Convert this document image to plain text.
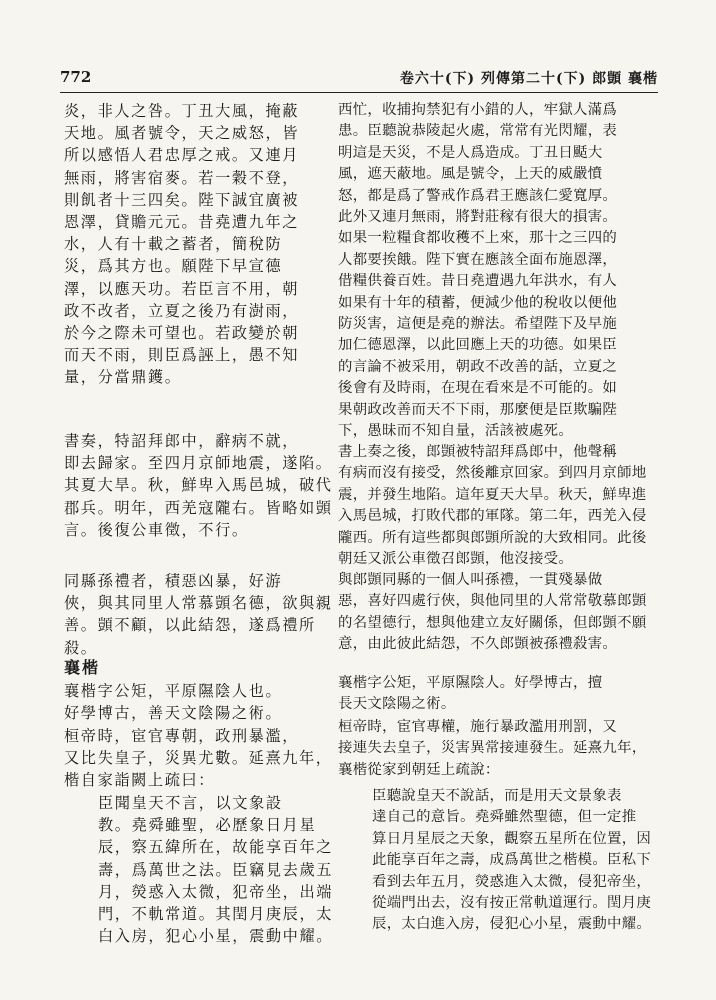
772	卷六十(下) 列傳第二十(下) 郎顗 襄楷
炎，非人之咎。丁丑大風，掩蔽
天地。風者號令，天之威怒，皆
所以感悟人君忠厚之戒。又連月
無雨，將害宿麥。若一穀不登，
則飢者十三四矣。陛下誠宜廣被
恩澤，貸贍元元。昔堯遭九年之
水，人有十載之蓄者，簡稅防
災，爲其方也。願陛下早宣德
澤，以應天功。若臣言不用，朝
政不改者，立夏之後乃有澍雨，
於今之際未可望也。若政變於朝
而天不雨，則臣爲誣上，愚不知
量，分當鼎鑊。
書奏，特詔拜郎中，辭病不就，
即去歸家。至四月京師地震，遂陷。
其夏大旱。秋，鮮卑入馬邑城，破代
郡兵。明年，西羌寇隴右。皆略如顗
言。後復公車徵，不行。
同縣孫禮者，積惡凶暴，好游
俠，與其同里人常慕顗名德，欲與親
善。顗不顧，以此結怨，遂爲禮所
殺。
襄楷
襄楷字公矩，平原隰陰人也。
好學博古，善天文陰陽之術。
桓帝時，宦官專朝，政刑暴濫，
又比失皇子，災異尤數。延熹九年，
楷自家詣闕上疏曰：
臣聞皇天不言，以文象設
教。堯舜雖聖，必歷象日月星
辰，察五緯所在，故能享百年之
壽，爲萬世之法。臣竊見去歲五
月，熒惑入太微，犯帝坐，出端
門，不軌常道。其閏月庚辰，太
白入房，犯心小星，震動中耀。
西忙，收捕拘禁犯有小錯的人，牢獄人滿爲
患。臣聽說恭陵起火處，常常有光閃耀，表
明這是天災，不是人爲造成。丁丑日颳大
風，遮天蔽地。風是號令，上天的威嚴憤
怒，都是爲了警戒作爲君王應該仁愛寬厚。
此外又連月無雨，將對莊稼有很大的損害。
如果一粒糧食都收穫不上來，那十之三四的
人都要挨餓。陛下實在應該全面布施恩澤，
借糧供養百姓。昔日堯遭遇九年洪水，有人
如果有十年的積蓄，便減少他的稅收以便他
防災害，這便是堯的辦法。希望陛下及早施
加仁德恩澤，以此回應上天的功德。如果臣
的言論不被采用，朝政不改善的話，立夏之
後會有及時雨，在現在看來是不可能的。如
果朝政改善而天不下雨，那麼便是臣欺騙陛
下，愚昧而不知自量，活該被處死。
書上奏之後，郎顗被特詔拜爲郎中，他聲稱
有病而沒有接受，然後離京回家。到四月京師地
震，并發生地陷。這年夏天大旱。秋天，鮮卑進
入馬邑城，打敗代郡的軍隊。第二年，西羌入侵
隴西。所有這些都與郎顗所說的大致相同。此後
朝廷又派公車徵召郎顗，他沒接受。
與郎顗同縣的一個人叫孫禮，一貫殘暴做
惡，喜好四處行俠，與他同里的人常常敬慕郎顗
的名望德行，想與他建立友好關係，但郎顗不願
意，由此彼此結怨，不久郎顗被孫禮殺害。
襄楷字公矩，平原隰陰人。好學博古，擅
長天文陰陽之術。
桓帝時，宦官專權，施行暴政濫用刑罰，又
接連失去皇子，災害異常接連發生。延熹九年，
襄楷從家到朝廷上疏說：
臣聽說皇天不說話，而是用天文景象表
達自己的意旨。堯舜雖然聖德，但一定推
算日月星辰之天象，觀察五星所在位置，因
此能享百年之壽，成爲萬世之楷模。臣私下
看到去年五月，熒惑進入太微，侵犯帝坐，
從端門出去，沒有按正常軌道運行。閏月庚
辰，太白進入房，侵犯心小星，震動中耀。
